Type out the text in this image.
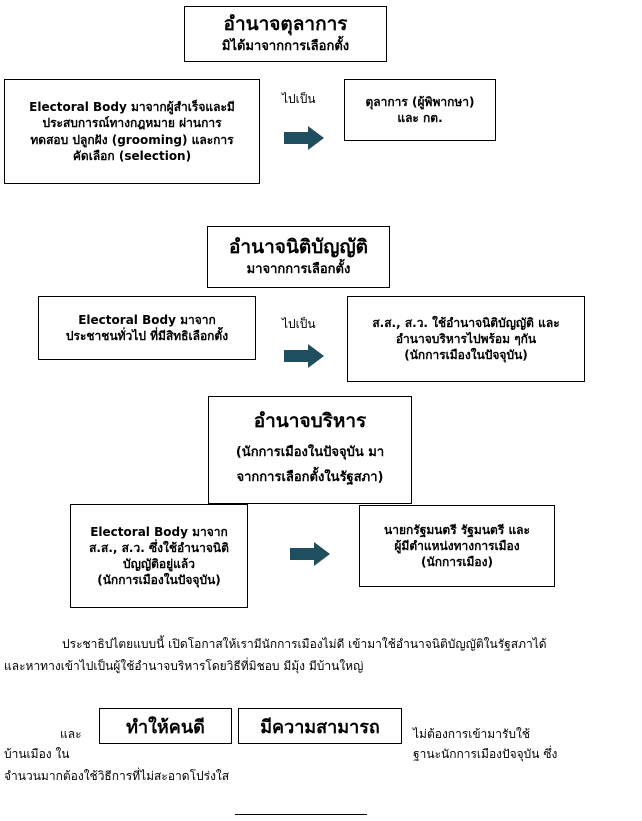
อำนาจตุลาการ
มิได้มาจากการเลือกตั้ง
Electoral Body มาจากผู้สำเร็จและมี
ประสบการณ์ทางกฎหมาย ผ่านการ
ทดสอบ ปลูกฝัง (grooming) และการ
คัดเลือก (selection)
ไปเป็น	ตุลาการ (ผู้พิพากษา)
และ กต.
อำนาจนิติบัญญัติ
มาจากการเลือกตั้ง
Electoral Body มาจาก
ประชาชนทั่วไป ที่มีสิทธิเลือกตั้ง
ไปเป็น	ส.ส., ส.ว. ใช้อำนาจนิติบัญญัติ และ
อำนาจบริหารไปพร้อม ๆกัน
(นักการเมืองในปัจจุบัน)
อำนาจบริหาร
(นักการเมืองในปัจจุบัน มา
จากการเลือกตั้งในรัฐสภา)
Electoral Body มาจาก
ส.ส., ส.ว. ซึ่งใช้อำนาจนิติ
บัญญัติอยู่แล้ว
(นักการเมืองในปัจจุบัน)
นายกรัฐมนตรี รัฐมนตรี และ
ผู้มีตำแหน่งทางการเมือง
(นักการเมือง)
ประชาธิปไตยแบบนี้ เปิดโอกาสให้เรามีนักการเมืองไม่ดี เข้ามาใช้อำนาจนิติบัญญัติในรัฐสภาได้
และหาทางเข้าไปเป็นผู้ใช้อำนาจบริหารโดยวิธีที่มิชอบ มีมุ้ง มีบ้านใหญ่
และ	ทำให้คนดี	มีความสามารถ	ไม่ต้องการเข้ามารับใช้
บ้านเมือง ใน	ฐานะนักการเมืองปัจจุบัน ซึ่ง
จำนวนมากต้องใช้วิธีการที่ไม่สะอาดโปร่งใส
